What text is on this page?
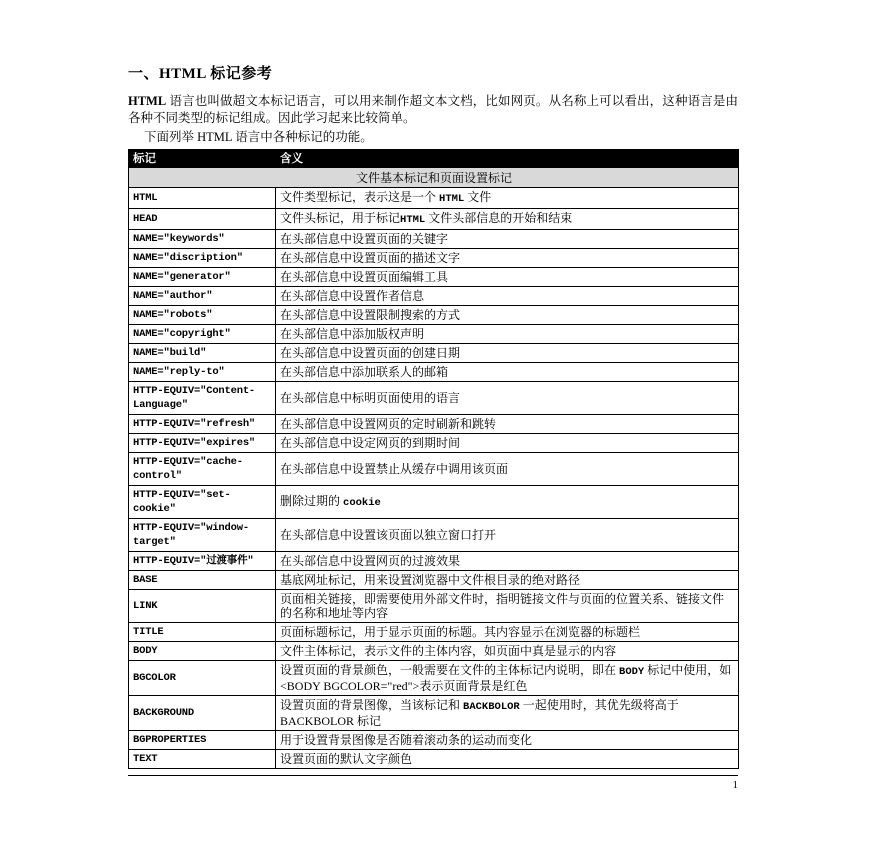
一、HTML 标记参考

HTML 语言也叫做超文本标记语言，可以用来制作超文本文档，比如网页。从名称上可以看出，这种语言是由各种不同类型的标记组成。因此学习起来比较简单。

下面列举 HTML 语言中各种标记的功能。

标记	含义
文件基本标记和页面设置标记	
HTML	文件类型标记，表示这是一个 HTML 文件
HEAD	文件头标记，用于标记HTML 文件头部信息的开始和结束
NAME="keywords"	在头部信息中设置页面的关键字
NAME="discription"	在头部信息中设置页面的描述文字
NAME="generator"	在头部信息中设置页面编辑工具
NAME="author"	在头部信息中设置作者信息
NAME="robots"	在头部信息中设置限制搜索的方式
NAME="copyright"	在头部信息中添加版权声明
NAME="build"	在头部信息中设置页面的创建日期
NAME="reply-to"	在头部信息中添加联系人的邮箱
HTTP-EQUIV="Content-Language"	在头部信息中标明页面使用的语言
HTTP-EQUIV="refresh"	在头部信息中设置网页的定时刷新和跳转
HTTP-EQUIV="expires"	在头部信息中设定网页的到期时间
HTTP-EQUIV="cache-control"	在头部信息中设置禁止从缓存中调用该页面
HTTP-EQUIV="set-cookie"	删除过期的 cookie
HTTP-EQUIV="window-target"	在头部信息中设置该页面以独立窗口打开
HTTP-EQUIV="过渡事件"	在头部信息中设置网页的过渡效果
BASE	基底网址标记，用来设置浏览器中文件根目录的绝对路径
LINK	页面相关链接，即需要使用外部文件时，指明链接文件与页面的位置关系、链接文件的名称和地址等内容
TITLE	页面标题标记，用于显示页面的标题。其内容显示在浏览器的标题栏
BODY	文件主体标记，表示文件的主体内容，如页面中真是显示的内容
BGCOLOR	设置页面的背景颜色，一般需要在文件的主体标记内说明，即在 BODY 标记中使用，如<BODY BGCOLOR="red">表示页面背景是红色
BACKGROUND	设置页面的背景图像，当该标记和 BACKBOLOR 一起使用时，其优先级将高于 BACKBOLOR 标记
BGPROPERTIES	用于设置背景图像是否随着滚动条的运动而变化
TEXT	设置页面的默认文字颜色
1
